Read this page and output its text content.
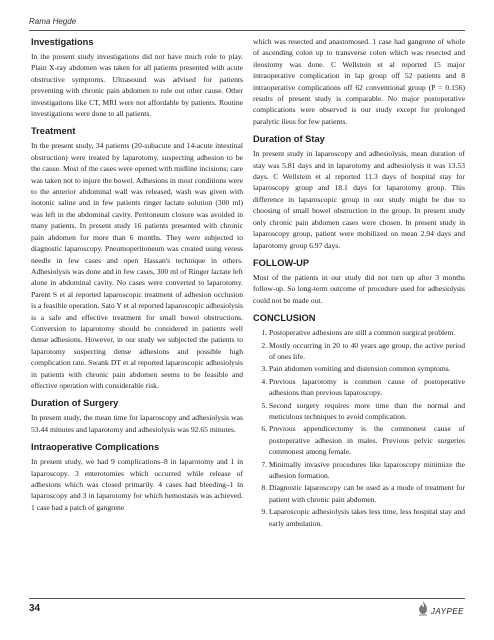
Rama Hegde
Investigations

In the present study investigations did not have much role to play. Plain X-ray abdomen was taken for all patients presented with acute obstructive symptoms. Ultrasound was advised for patients preventing with chronic pain abdomen to rule out other cause. Other investigations like CT, MRI were not affordable by patients. Routine investigations were done to all patients.

Treatment

In the present study, 34 patients (20-subacute and 14-acute intestinal obstruction) were treated by laparotomy, suspecting adhesion to be the cause. Most of the cases were opened with midline incisions; care was taken not to injure the bowel. Adhesions in most conditions were to the anterior abdominal wall was released, wash was given with isotonic saline and in few patients ringer lactate solution (300 ml) was left in the abdominal cavity. Peritoneum closure was avoided in many patients. In present study 16 patients presented with chronic pain abdomen for more than 6 months. They were subjected to diagnostic laparoscopy. Pneumoperitoneum was created using veress needle in few cases and open Hassan's technique in others. Adhesiolysis was done and in few cases, 300 ml of Ringer lactate left alone in abdominal cavity. No cases were converted to laparotomy. Parent S et al reported laparoscopic treatment of adhesion occlusion is a feasible operation. Sato Y et al reported laparoscopic adhesiolysis is a safe and effective treatment for small bowel obstructions. Conversion to laparotomy should be considered in patients well dense adhesions. However, in our study we subjected the patients to laparotomy suspecting dense adhesions and possible high complication rate. Swank DT et al reported laparoscopic adhesiolysis in patients with chronic pain abdomen seems to be feasible and effective operation with considerable risk.

Duration of Surgery

In present study, the mean time for laparoscopy and adhesiolysis was 53.44 minutes and laparotomy and adhesiolysis was 92.65 minutes.

Intraoperative Complications

In present study, we had 9 complications–8 in laparotomy and 1 in laparoscopy. 3 enterotomies which occurred while release of adhesions which was closed primarily. 4 cases had bleeding–1 in laparoscopy and 3 in laparotomy for which hemostasis was achieved. 1 case had a patch of gangrene

which was resected and anastomosed. 1 case had gangrene of whole of ascending colon up to transverse colon which was resected and ileostomy was done. C Wellstein et al reported 15 major intraoperative complication in lap group off 52 patients and 8 intraoperative complications off 62 conventional group (P = 0.156) results of present study is comparable. No major postoperative complications were observed is our study except for prolonged paralytic ileus for few patients.

Duration of Stay

In present study in laparoscopy and adhesiolysis, mean duration of stay was 5.81 days and in laparotomy and adhesiolysis it was 13.53 days. C Wellstein et al reported 11.3 days of hospital stay for laparoscopy group and 18.1 days for laparotomy group. This difference in laparoscopic group in our study might be due to choosing of small bowel obstruction in the group. In present study only chronic pain abdomen cases were chosen. In present study in laparoscopy group, patient were mobilized on mean 2.94 days and laparotomy group 6.97 days.

FOLLOW-UP

Most of the patients in our study did not turn up after 3 months follow-up. So long-term outcome of procedure used for adhesiolysis could not be made out.

CONCLUSION
1. Postoperative adhesions are still a common surgical problem.
2. Mostly occurring in 20 to 40 years age group, the active period of ones life.
3. Pain abdomen vomiting and distension common symptoms.
4. Previous laparotomy is common cause of postoperative adhesions than previous laparoscopy.
5. Second surgery requires more time than the normal and meticulous techniques to avoid complication.
6. Previous appendicectomy is the commonest cause of postoperative adhesion in males. Previous pelvic surgeries commonest among female.
7. Minimally invasive procedures like laparoscopy minimize the adhesion formation.
8. Diagnostic laparoscopy can be used as a mode of treatment for patient with chronic pain abdomen.
9. Laparoscopic adhesiolysis takes less time, less hospital stay and early ambulation.
34	JAYPEE
